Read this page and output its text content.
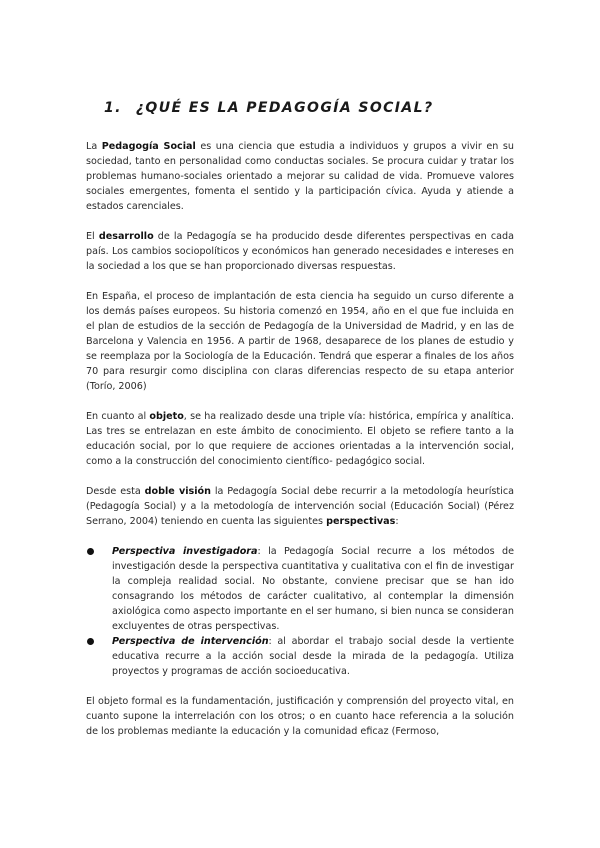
1. ¿QUÉ ES LA PEDAGOGÍA SOCIAL?

La Pedagogía Social es una ciencia que estudia a individuos y grupos a vivir en su sociedad, tanto en personalidad como conductas sociales. Se procura cuidar y tratar los problemas humano-sociales orientado a mejorar su calidad de vida. Promueve valores sociales emergentes, fomenta el sentido y la participación cívica. Ayuda y atiende a estados carenciales.

El desarrollo de la Pedagogía se ha producido desde diferentes perspectivas en cada país. Los cambios sociopolíticos y económicos han generado necesidades e intereses en la sociedad a los que se han proporcionado diversas respuestas.

En España, el proceso de implantación de esta ciencia ha seguido un curso diferente a los demás países europeos. Su historia comenzó en 1954, año en el que fue incluida en el plan de estudios de la sección de Pedagogía de la Universidad de Madrid, y en las de Barcelona y Valencia en 1956. A partir de 1968, desaparece de los planes de estudio y se reemplaza por la Sociología de la Educación. Tendrá que esperar a finales de los años 70 para resurgir como disciplina con claras diferencias respecto de su etapa anterior (Torío, 2006)

En cuanto al objeto, se ha realizado desde una triple vía: histórica, empírica y analítica. Las tres se entrelazan en este ámbito de conocimiento. El objeto se refiere tanto a la educación social, por lo que requiere de acciones orientadas a la intervención social, como a la construcción del conocimiento científico- pedagógico social.

Desde esta doble visión la Pedagogía Social debe recurrir a la metodología heurística (Pedagogía Social) y a la metodología de intervención social (Educación Social) (Pérez Serrano, 2004) teniendo en cuenta las siguientes perspectivas:

Perspectiva investigadora: la Pedagogía Social recurre a los métodos de investigación desde la perspectiva cuantitativa y cualitativa con el fin de investigar la compleja realidad social. No obstante, conviene precisar que se han ido consagrando los métodos de carácter cualitativo, al contemplar la dimensión axiológica como aspecto importante en el ser humano, si bien nunca se consideran excluyentes de otras perspectivas.

Perspectiva de intervención: al abordar el trabajo social desde la vertiente educativa recurre a la acción social desde la mirada de la pedagogía. Utiliza proyectos y programas de acción socioeducativa.

El objeto formal es la fundamentación, justificación y comprensión del proyecto vital, en cuanto supone la interrelación con los otros; o en cuanto hace referencia a la solución de los problemas mediante la educación y la comunidad eficaz (Fermoso,
